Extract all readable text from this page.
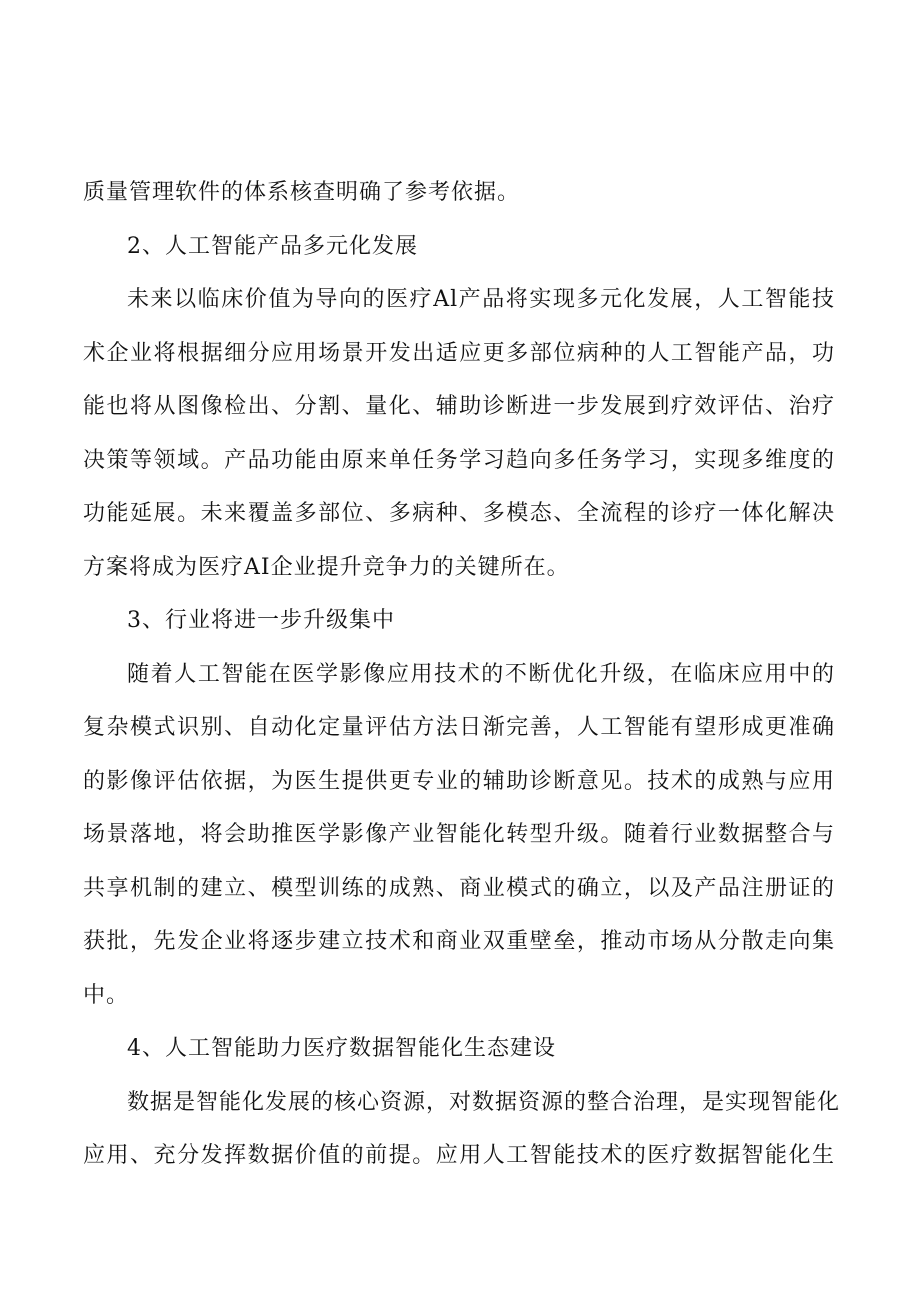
质量管理软件的体系核查明确了参考依据。
2、人工智能产品多元化发展
未来以临床价值为导向的医疗Al产品将实现多元化发展，人工智能技
术企业将根据细分应用场景开发出适应更多部位病种的人工智能产品，功
能也将从图像检出、分割、量化、辅助诊断进一步发展到疗效评估、治疗
决策等领域。产品功能由原来单任务学习趋向多任务学习，实现多维度的
功能延展。未来覆盖多部位、多病种、多模态、全流程的诊疗一体化解决
方案将成为医疗AI企业提升竞争力的关键所在。
3、行业将进一步升级集中
随着人工智能在医学影像应用技术的不断优化升级，在临床应用中的
复杂模式识别、自动化定量评估方法日渐完善，人工智能有望形成更准确
的影像评估依据，为医生提供更专业的辅助诊断意见。技术的成熟与应用
场景落地，将会助推医学影像产业智能化转型升级。随着行业数据整合与
共享机制的建立、模型训练的成熟、商业模式的确立，以及产品注册证的
获批，先发企业将逐步建立技术和商业双重壁垒，推动市场从分散走向集
中。
4、人工智能助力医疗数据智能化生态建设
数据是智能化发展的核心资源，对数据资源的整合治理，是实现智能化
应用、充分发挥数据价值的前提。应用人工智能技术的医疗数据智能化生
